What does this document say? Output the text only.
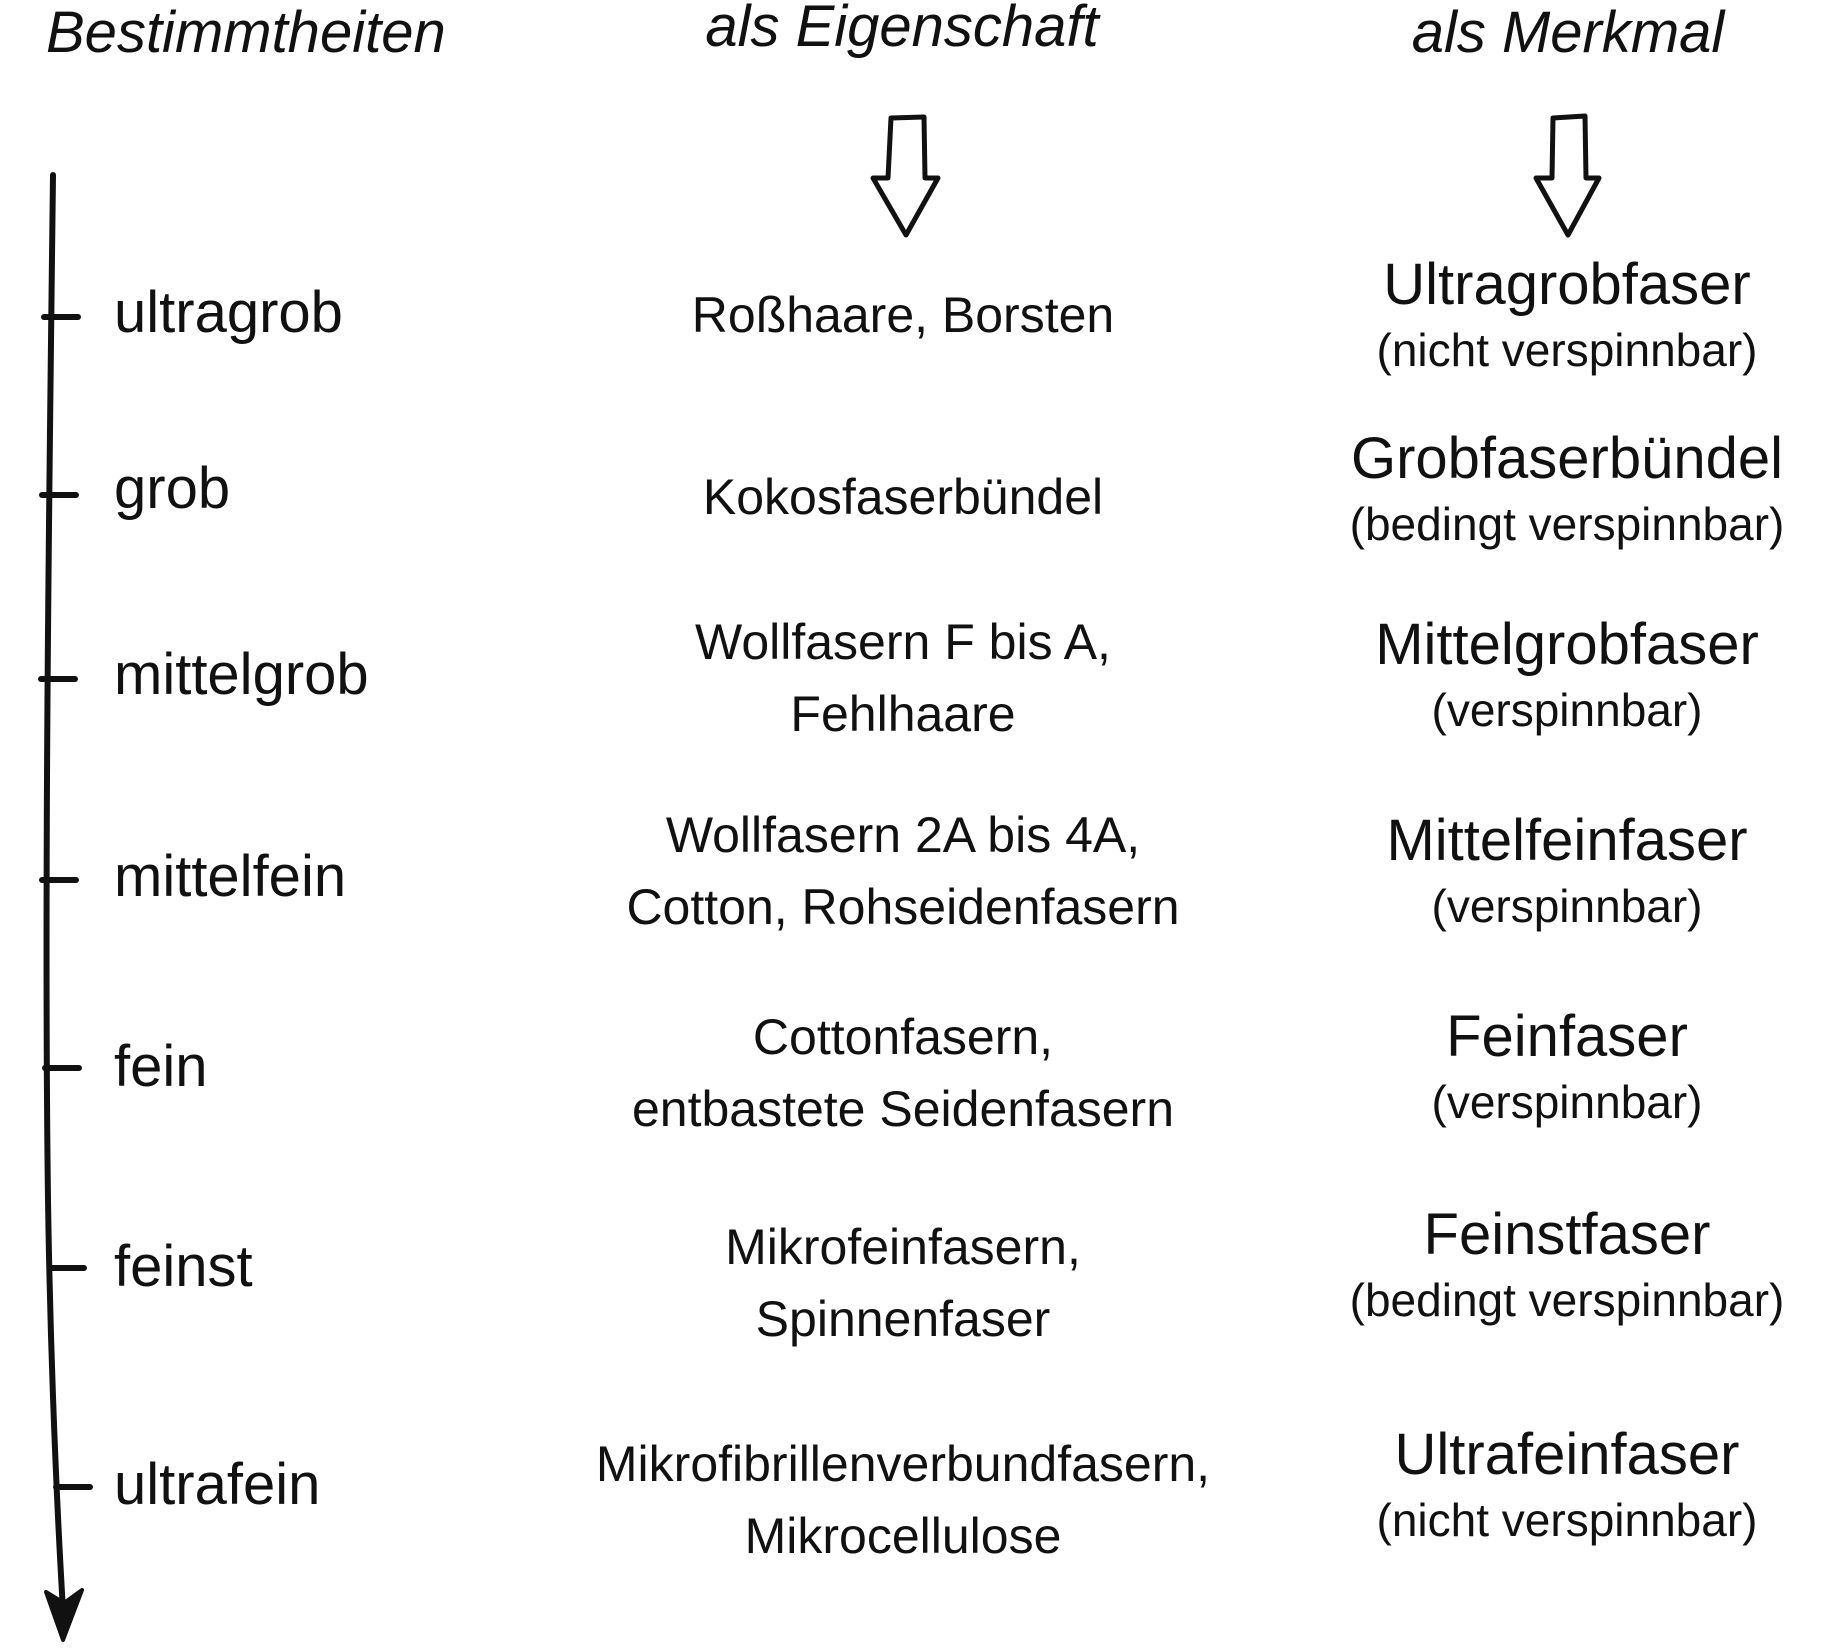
Bestimmtheiten	als Eigenschaft	als Merkmal
ultragrob
grob
mittelgrob
mittelfein
fein
feinst
ultrafein
Roßhaare, Borsten
Kokosfaserbündel
Wollfasern F bis A,
Fehlhaare
Wollfasern 2A bis 4A,
Cotton, Rohseidenfasern
Cottonfasern,
entbastete Seidenfasern
Mikrofeinfasern,
Spinnenfaser
Mikrofibrillenverbundfasern,
Mikrocellulose
Ultragrobfaser
(nicht verspinnbar)
Grobfaserbündel
(bedingt verspinnbar)
Mittelgrobfaser
(verspinnbar)
Mittelfeinfaser
(verspinnbar)
Feinfaser
(verspinnbar)
Feinstfaser
(bedingt verspinnbar)
Ultrafeinfaser
(nicht verspinnbar)
